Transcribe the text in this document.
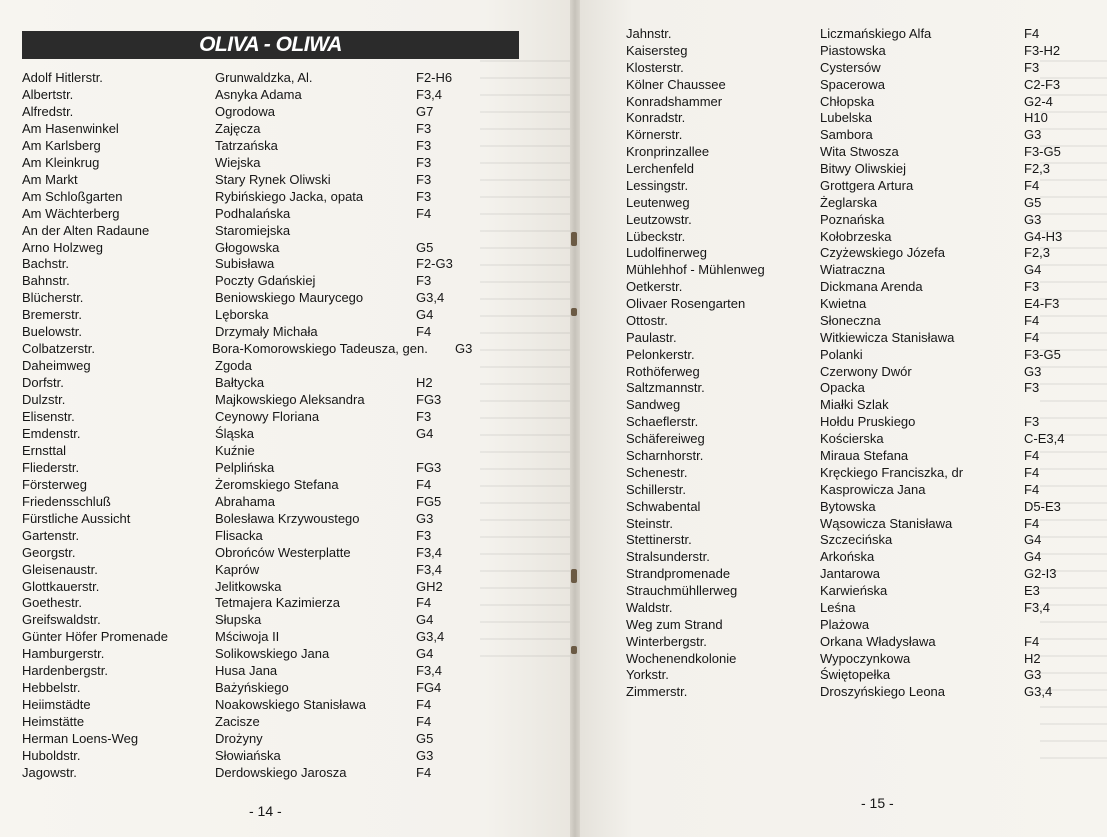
OLIVA - OLIWA
Adolf Hitlerstr.	Grunwaldzka, Al.	F2-H6
Albertstr.	Asnyka Adama	F3,4
Alfredstr.	Ogrodowa	G7
Am Hasenwinkel	Zajęcza	F3
Am Karlsberg	Tatrzańska	F3
Am Kleinkrug	Wiejska	F3
Am Markt	Stary Rynek Oliwski	F3
Am Schloßgarten	Rybińskiego Jacka, opata	F3
Am Wächterberg	Podhalańska	F4
An der Alten Radaune	Staromiejska
Arno Holzweg	Głogowska	G5
Bachstr.	Subisława	F2-G3
Bahnstr.	Poczty Gdańskiej	F3
Blücherstr.	Beniowskiego Maurycego	G3,4
Bremerstr.	Lęborska	G4
Buelowstr.	Drzymały Michała	F4
Colbatzerstr.	Bora-Komorowskiego Tadeusza, gen. G3
Daheimweg	Zgoda
Dorfstr.	Bałtycka	H2
Dulzstr.	Majkowskiego Aleksandra	FG3
Elisenstr.	Ceynowy Floriana	F3
Emdenstr.	Śląska	G4
Ernsttal	Kuźnie
Fliederstr.	Pelplińska	FG3
Försterweg	Żeromskiego Stefana	F4
Friedensschluß	Abrahama	FG5
Fürstliche Aussicht	Bolesława Krzywoustego	G3
Gartenstr.	Flisacka	F3
Georgstr.	Obrońców Westerplatte	F3,4
Gleisenaustr.	Kaprów	F3,4
Glottkauerstr.	Jelitkowska	GH2
Goethestr.	Tetmajera Kazimierza	F4
Greifswaldstr.	Słupska	G4
Günter Höfer Promenade	Mściwoja II	G3,4
Hamburgerstr.	Solikowskiego Jana	G4
Hardenbergstr.	Husa Jana	F3,4
Hebbelstr.	Bażyńskiego	FG4
Heiimstädte	Noakowskiego Stanisława	F4
Heimstätte	Zacisze	F4
Herman Loens-Weg	Drożyny	G5
Huboldstr.	Słowiańska	G3
Jagowstr.	Derdowskiego Jarosza	F4
- 14 -
Jahnstr.	Liczmańskiego Alfa	F4
Kaisersteg	Piastowska	F3-H2
Klosterstr.	Cystersów	F3
Kölner Chaussee	Spacerowa	C2-F3
Konradshammer	Chłopska	G2-4
Konradstr.	Lubelska	H10
Körnerstr.	Sambora	G3
Kronprinzallee	Wita Stwosza	F3-G5
Lerchenfeld	Bitwy Oliwskiej	F2,3
Lessingstr.	Grottgera Artura	F4
Leutenweg	Żeglarska	G5
Leutzowstr.	Poznańska	G3
Lübeckstr.	Kołobrzeska	G4-H3
Ludolfinerweg	Czyżewskiego Józefa	F2,3
Mühlehhof - Mühlenweg	Wiatraczna	G4
Oetkerstr.	Dickmana Arenda	F3
Olivaer Rosengarten	Kwietna	E4-F3
Ottostr.	Słoneczna	F4
Paulastr.	Witkiewicza Stanisława	F4
Pelonkerstr.	Polanki	F3-G5
Rothöferweg	Czerwony Dwór	G3
Saltzmannstr.	Opacka	F3
Sandweg	Miałki Szlak
Schaeflerstr.	Hołdu Pruskiego	F3
Schäfereiweg	Kościerska	C-E3,4
Scharnhorstr.	Miraua Stefana	F4
Schenestr.	Kręckiego Franciszka, dr	F4
Schillerstr.	Kasprowicza Jana	F4
Schwabental	Bytowska	D5-E3
Steinstr.	Wąsowicza Stanisława	F4
Stettinerstr.	Szczecińska	G4
Stralsunderstr.	Arkońska	G4
Strandpromenade	Jantarowa	G2-I3
Strauchmühllerweg	Karwieńska	E3
Waldstr.	Leśna	F3,4
Weg zum Strand	Plażowa
Winterbergstr.	Orkana Władysława	F4
Wochenendkolonie	Wypoczynkowa	H2
Yorkstr.	Świętopełka	G3
Zimmerstr.	Droszyńskiego Leona	G3,4
- 15 -
